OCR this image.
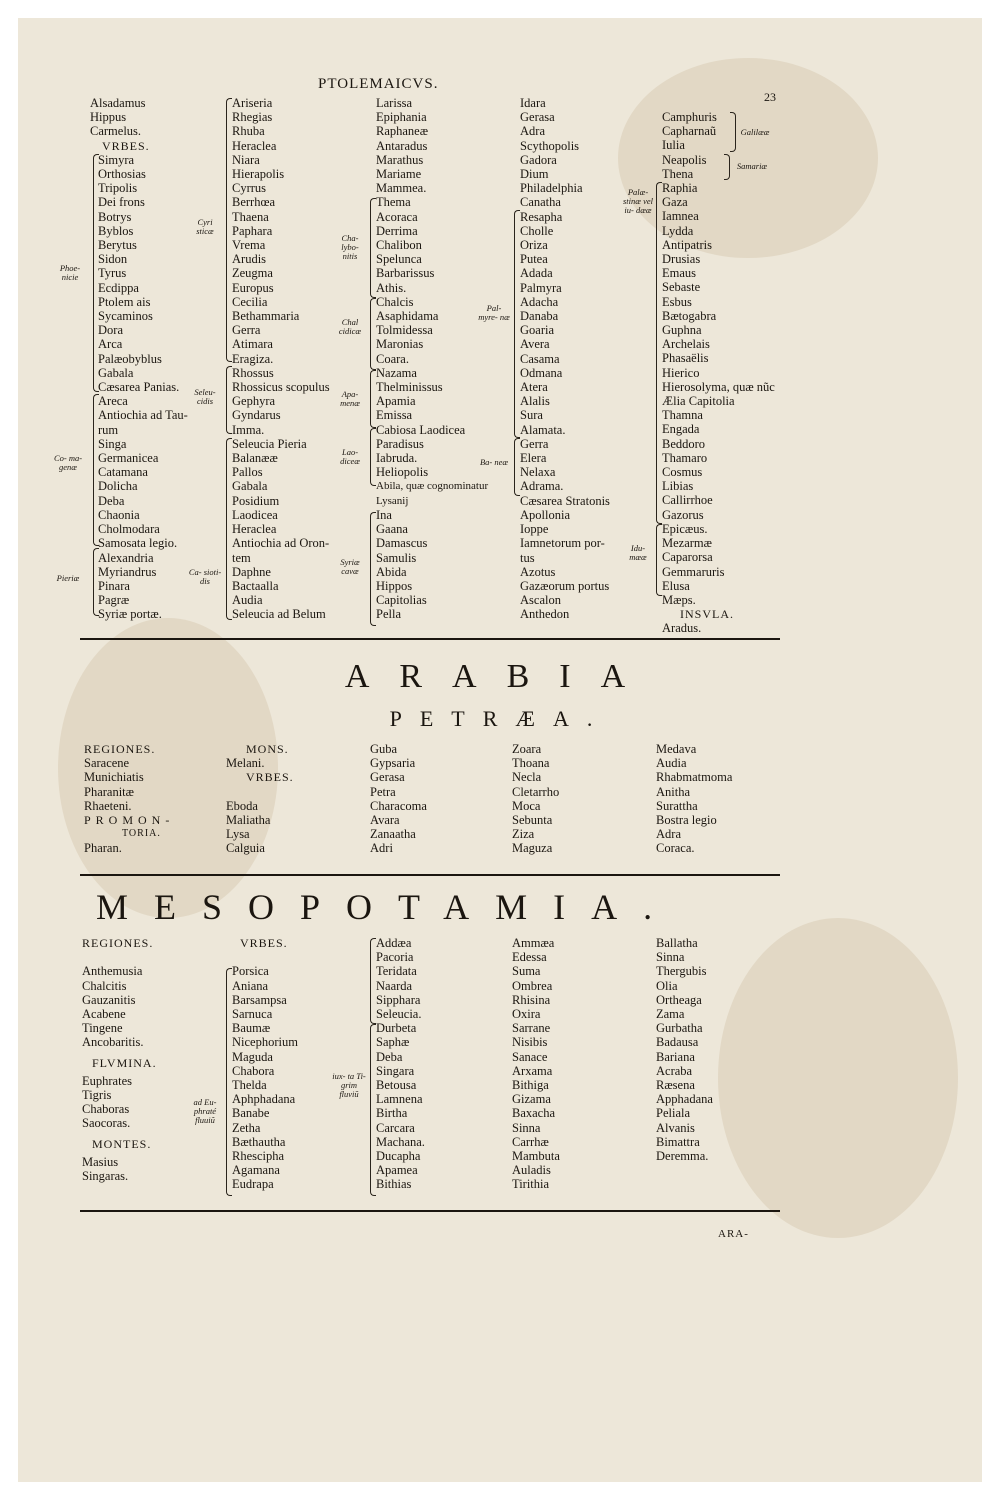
PTOLEMAICVS.
23
Alsadamus
Hippus
Carmelus.
VRBES.
Simyra
Orthosias
Tripolis
Dei frons
Botrys
Byblos
Berytus
Sidon
Tyrus
Ecdippa
Ptolem ais
Sycaminos
Dora
Arca
Palæobyblus
Gabala
Cæsarea Panias.
Areca
Antiochia ad Tau-
rum
Singa
Germanicea
Catamana
Dolicha
Deba
Chaonia
Cholmodara
Samosata legio.
Alexandria
Myriandrus
Pinara
Pagræ
Syriæ portæ.
Phoe- nicie
Co- ma- genæ
Pieriæ
Ariseria
Rhegias
Rhuba
Heraclea
Niara
Hierapolis
Cyrrus
Berrhœa
Thaena
Paphara
Vrema
Arudis
Zeugma
Europus
Cecilia
Bethammaria
Gerra
Atimara
Eragiza.
Rhossus
Rhossicus scopulus
Gephyra
Gyndarus
Imma.
Seleucia Pieria
Balanææ
Pallos
Gabala
Posidium
Laodicea
Heraclea
Antiochia ad Oron-
tem
Daphne
Bactaalla
Audia
Seleucia ad Belum
Cyri sticæ
Seleu- cidis
Ca- sioti- dis
Larissa
Epiphania
Raphaneæ
Antaradus
Marathus
Mariame
Mammea.
Thema
Acoraca
Derrima
Chalibon
Spelunca
Barbarissus
Athis.
Chalcis
Asaphidama
Tolmidessa
Maronias
Coara.
Nazama
Thelminissus
Apamia
Emissa
Cabiosa Laodicea
Paradisus
Iabruda.
Heliopolis
Abila, quæ cognominatur
Lysanij
Ina
Gaana
Damascus
Samulis
Abida
Hippos
Capitolias
Pella
Cha- lybo- nitis
Chal cidicæ
Apa- menæ
Lao- diceæ
Syriæ cavæ
Idara
Gerasa
Adra
Scythopolis
Gadora
Dium
Philadelphia
Canatha
Resapha
Cholle
Oriza
Putea
Adada
Palmyra
Adacha
Danaba
Goaria
Avera
Casama
Odmana
Atera
Alalis
Sura
Alamata.
Gerra
Elera
Nelaxa
Adrama.
Cæsarea Stratonis
Apollonia
Ioppe
Iamnetorum por-
tus
Azotus
Gazæorum portus
Ascalon
Anthedon
Pal- myre- næ
Ba- neæ
Camphuris
Capharnaũ
Iulia
Neapolis
Thena
Raphia
Gaza
Iamnea
Lydda
Antipatris
Drusias
Emaus
Sebaste
Esbus
Bætogabra
Guphna
Archelais
Phasaëlis
Hierico
Hierosolyma, quæ nũc
Ælia Capitolia
Thamna
Engada
Beddoro
Thamaro
Cosmus
Libias
Callirrhoe
Gazorus
Epicæus.
Mezarmæ
Caparorsa
Gemmaruris
Elusa
Mæps.
INSVLA.
Aradus.
Galilææ
Samariæ
Palæ- stinæ vel iu- dææ
Idu- mææ
ARABIA
PETRÆA.
REGIONES.
Saracene
Munichiatis
Pharanitæ
Rhaeteni.
PROMON-
TORIA.
Pharan.
MONS.
Melani.
VRBES.
Eboda
Maliatha
Lysa
Calguia
Guba
Gypsaria
Gerasa
Petra
Characoma
Avara
Zanaatha
Adri
Zoara
Thoana
Necla
Cletarrho
Moca
Sebunta
Ziza
Maguza
Medava
Audia
Rhabmatmoma
Anitha
Surattha
Bostra legio
Adra
Coraca.
MESOPOTAMIA.
REGIONES.
Anthemusia
Chalcitis
Gauzanitis
Acabene
Tingene
Ancobaritis.
FLVMINA.
Euphrates
Tigris
Chaboras
Saocoras.
MONTES.
Masius
Singaras.
VRBES.
Porsica
Aniana
Barsampsa
Sarnuca
Baumæ
Nicephorium
Maguda
Chabora
Thelda
Aphphadana
Banabe
Zetha
Bæthautha
Rhescipha
Agamana
Eudrapa
ad Eu- phraté fluuiũ
Addæa
Pacoria
Teridata
Naarda
Sipphara
Seleucia.
Durbeta
Saphæ
Deba
Singara
Betousa
Lamnena
Birtha
Carcara
Machana.
Ducapha
Apamea
Bithias
iux- ta Ti- grim fluviũ
Ammæa
Edessa
Suma
Ombrea
Rhisina
Oxira
Sarrane
Nisibis
Sanace
Arxama
Bithiga
Gizama
Baxacha
Sinna
Carrhæ
Mambuta
Auladis
Tirithia
Ballatha
Sinna
Thergubis
Olia
Ortheaga
Zama
Gurbatha
Badausa
Bariana
Acraba
Ræsena
Apphadana
Peliala
Alvanis
Bimattra
Deremma.
ARA-
